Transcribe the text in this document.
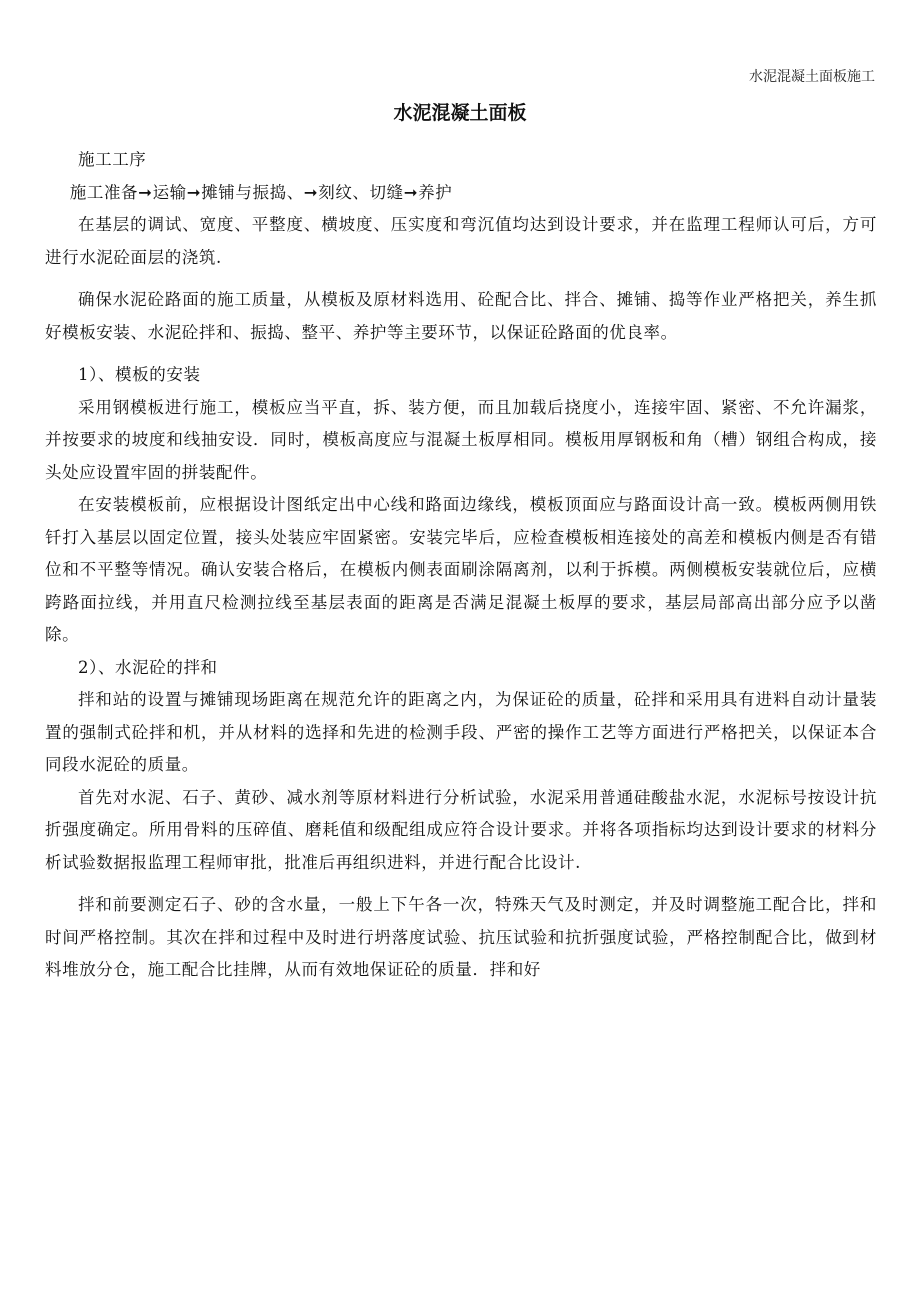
水泥混凝土面板施工
水泥混凝土面板

施工工序

施工准备➞运输➞摊铺与振捣、➞刻纹、切缝➞养护

在基层的调试、宽度、平整度、横坡度、压实度和弯沉值均达到设计要求，并在监理工程师认可后，方可进行水泥砼面层的浇筑.

确保水泥砼路面的施工质量，从模板及原材料选用、砼配合比、拌合、摊铺、捣等作业严格把关，养生抓好模板安装、水泥砼拌和、振捣、整平、养护等主要环节，以保证砼路面的优良率。

1）、模板的安装

采用钢模板进行施工，模板应当平直，拆、装方便，而且加载后挠度小，连接牢固、紧密、不允许漏浆，并按要求的坡度和线抽安设．同时，模板高度应与混凝土板厚相同。模板用厚钢板和角（槽）钢组合构成，接头处应设置牢固的拼装配件。

在安装模板前，应根据设计图纸定出中心线和路面边缘线，模板顶面应与路面设计高一致。模板两侧用铁钎打入基层以固定位置，接头处装应牢固紧密。安装完毕后，应检查模板相连接处的高差和模板内侧是否有错位和不平整等情况。确认安装合格后，在模板内侧表面刷涂隔离剂，以利于拆模。两侧模板安装就位后，应横跨路面拉线，并用直尺检测拉线至基层表面的距离是否满足混凝土板厚的要求，基层局部高出部分应予以凿除。

2）、水泥砼的拌和

拌和站的设置与摊铺现场距离在规范允许的距离之内，为保证砼的质量，砼拌和采用具有进料自动计量装置的强制式砼拌和机，并从材料的选择和先进的检测手段、严密的操作工艺等方面进行严格把关，以保证本合同段水泥砼的质量。

首先对水泥、石子、黄砂、减水剂等原材料进行分析试验，水泥采用普通硅酸盐水泥，水泥标号按设计抗折强度确定。所用骨料的压碎值、磨耗值和级配组成应符合设计要求。并将各项指标均达到设计要求的材料分析试验数据报监理工程师审批，批准后再组织进料，并进行配合比设计.

拌和前要测定石子、砂的含水量，一般上下午各一次，特殊天气及时测定，并及时调整施工配合比，拌和时间严格控制。其次在拌和过程中及时进行坍落度试验、抗压试验和抗折强度试验，严格控制配合比，做到材料堆放分仓，施工配合比挂牌，从而有效地保证砼的质量．拌和好
